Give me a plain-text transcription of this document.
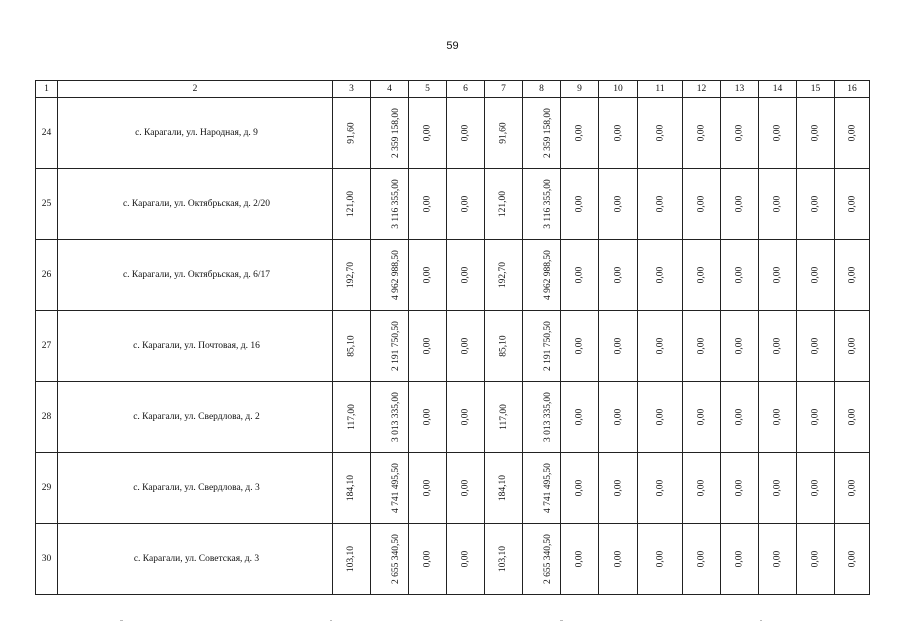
59
1	2	3	4	5	6	7	8	9	10	11	12	13	14	15	16
24	с. Карагали, ул. Народная, д. 9	91,60	2 359 158,00	0,00	0,00	91,60	2 359 158,00	0,00	0,00	0,00	0,00	0,00	0,00	0,00	0,00
25	с. Карагали, ул. Октябрьская, д. 2/20	121,00	3 116 355,00	0,00	0,00	121,00	3 116 355,00	0,00	0,00	0,00	0,00	0,00	0,00	0,00	0,00
26	с. Карагали, ул. Октябрьская, д. 6/17	192,70	4 962 988,50	0,00	0,00	192,70	4 962 988,50	0,00	0,00	0,00	0,00	0,00	0,00	0,00	0,00
27	с. Карагали, ул. Почтовая, д. 16	85,10	2 191 750,50	0,00	0,00	85,10	2 191 750,50	0,00	0,00	0,00	0,00	0,00	0,00	0,00	0,00
28	с. Карагали, ул. Свердлова, д. 2	117,00	3 013 335,00	0,00	0,00	117,00	3 013 335,00	0,00	0,00	0,00	0,00	0,00	0,00	0,00	0,00
29	с. Карагали, ул. Свердлова, д. 3	184,10	4 741 495,50	0,00	0,00	184,10	4 741 495,50	0,00	0,00	0,00	0,00	0,00	0,00	0,00	0,00
30	с. Карагали, ул. Советская, д. 3	103,10	2 655 340,50	0,00	0,00	103,10	2 655 340,50	0,00	0,00	0,00	0,00	0,00	0,00	0,00	0,00
